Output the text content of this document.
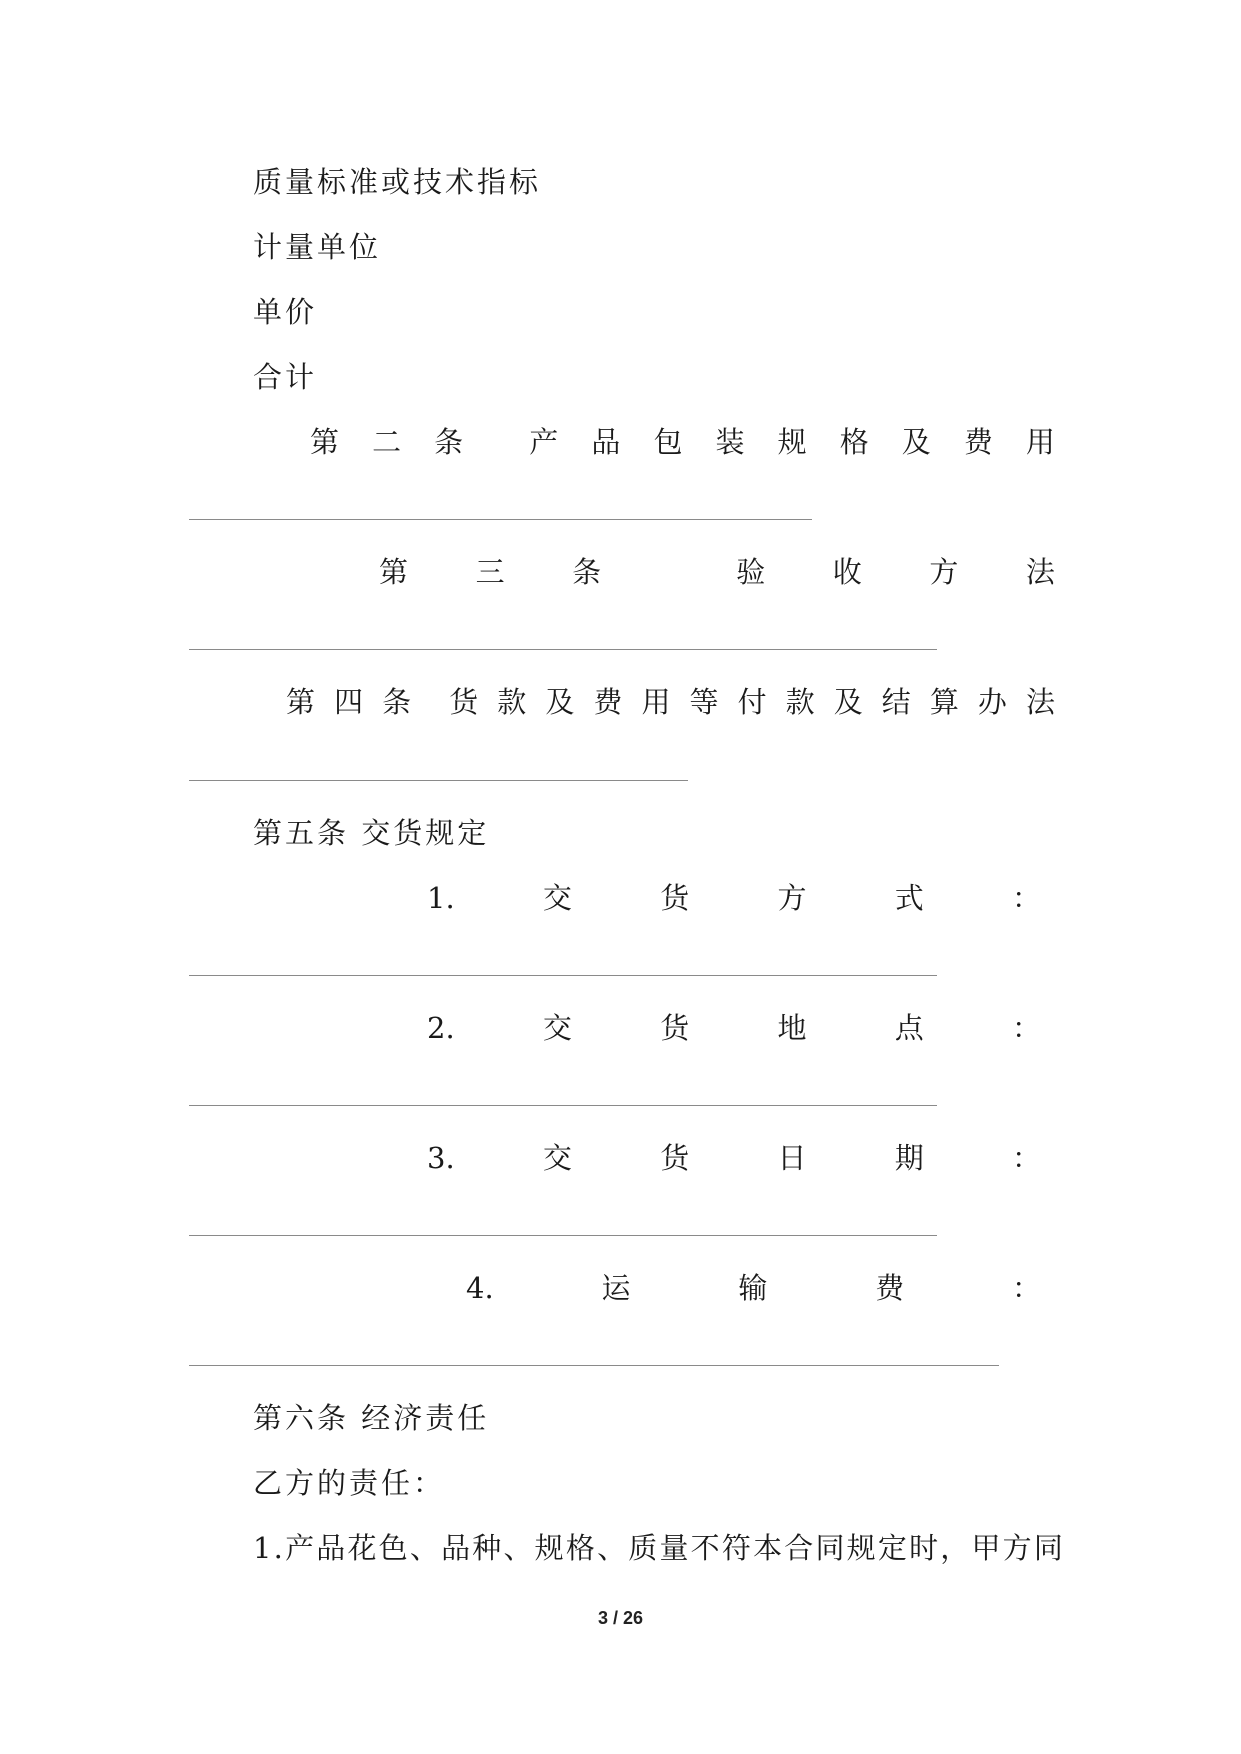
质量标准或技术指标
计量单位
单价
合计
第 二 条 产 品 包 装 规 格 及 费 用
第 三 条	验 收 方 法
第 四 条 货 款 及 费 用 等 付 款 及 结 算 办 法
第五条 交货规定
1.	交	货	方	式	：
2.	交	货	地	点	：
3.	交	货	日	期	：
4.	运	输	费	：
第六条 经济责任
乙方的责任：
1.产品花色、品种、规格、质量不符本合同规定时，甲方同
3 / 26
